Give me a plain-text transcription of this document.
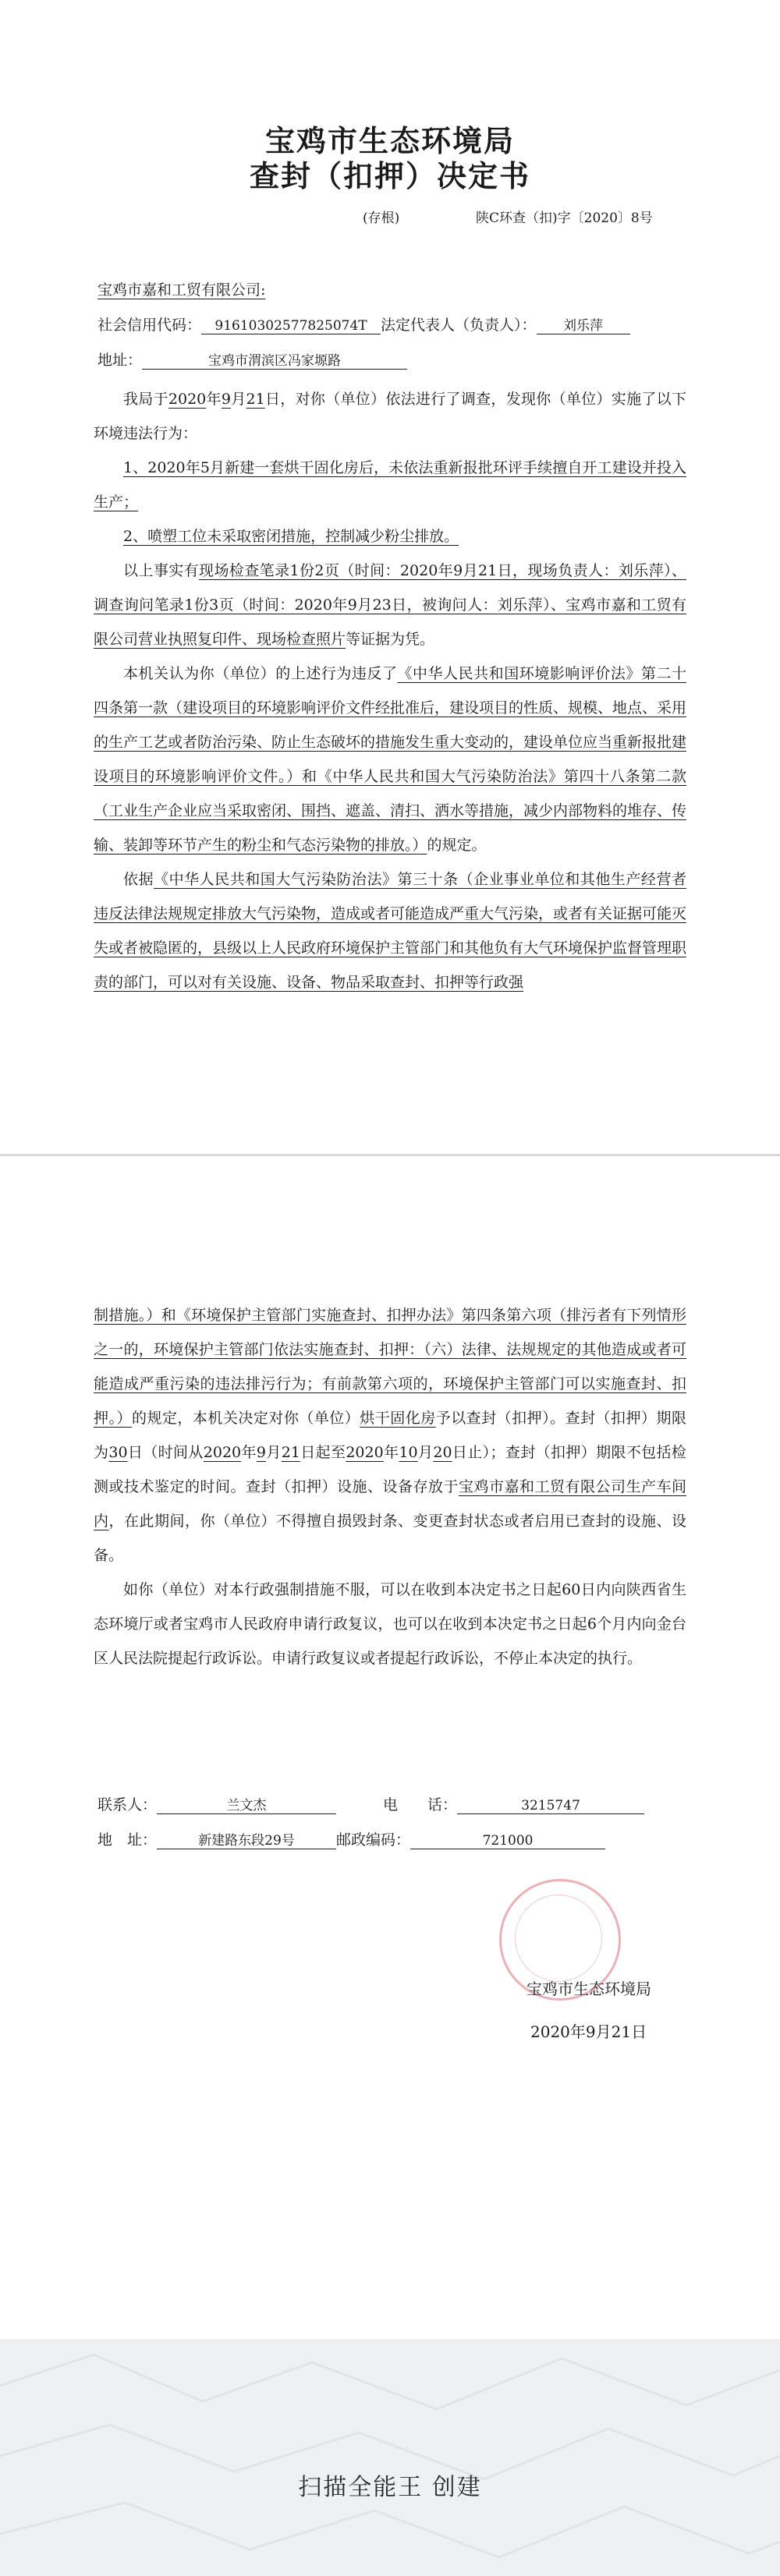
宝鸡市生态环境局
查封（扣押）决定书
(存根)	陕C环查（扣)字〔2020〕8号
宝鸡市嘉和工贸有限公司:
社会信用代码： 91610302577825074T 法定代表人（负责人）： 刘乐萍
地址：	宝鸡市渭滨区冯家塬路

我局于2020年9月21日，对你（单位）依法进行了调查，发现你（单位）实施了以下环境违法行为：

1、2020年5月新建一套烘干固化房后，未依法重新报批环评手续擅自开工建设并投入生产；

2、喷塑工位未采取密闭措施，控制减少粉尘排放。

以上事实有现场检查笔录1份2页（时间：2020年9月21日，现场负责人：刘乐萍）、调查询问笔录1份3页（时间：2020年9月23日，被询问人：刘乐萍）、宝鸡市嘉和工贸有限公司营业执照复印件、现场检查照片等证据为凭。

本机关认为你（单位）的上述行为违反了《中华人民共和国环境影响评价法》第二十四条第一款（建设项目的环境影响评价文件经批准后，建设项目的性质、规模、地点、采用的生产工艺或者防治污染、防止生态破坏的措施发生重大变动的，建设单位应当重新报批建设项目的环境影响评价文件。）和《中华人民共和国大气污染防治法》第四十八条第二款（工业生产企业应当采取密闭、围挡、遮盖、清扫、洒水等措施，减少内部物料的堆存、传输、装卸等环节产生的粉尘和气态污染物的排放。）的规定。

依据《中华人民共和国大气污染防治法》第三十条（企业事业单位和其他生产经营者违反法律法规规定排放大气污染物，造成或者可能造成严重大气污染，或者有关证据可能灭失或者被隐匿的，县级以上人民政府环境保护主管部门和其他负有大气环境保护监督管理职责的部门，可以对有关设施、设备、物品采取查封、扣押等行政强

制措施。）和《环境保护主管部门实施查封、扣押办法》第四条第六项（排污者有下列情形之一的，环境保护主管部门依法实施查封、扣押：（六）法律、法规规定的其他造成或者可能造成严重污染的违法排污行为；有前款第六项的，环境保护主管部门可以实施查封、扣押。）的规定，本机关决定对你（单位）烘干固化房予以查封（扣押）。查封（扣押）期限为30日（时间从2020年9月21日起至2020年10月20日止）；查封（扣押）期限不包括检测或技术鉴定的时间。查封（扣押）设施、设备存放于宝鸡市嘉和工贸有限公司生产车间内，在此期间，你（单位）不得擅自损毁封条、变更查封状态或者启用已查封的设施、设备。

如你（单位）对本行政强制措施不服，可以在收到本决定书之日起60日内向陕西省生态环境厅或者宝鸡市人民政府申请行政复议，也可以在收到本决定书之日起6个月内向金台区人民法院提起行政诉讼。申请行政复议或者提起行政诉讼，不停止本决定的执行。

联系人：	兰文杰	电　　话：	3215747
地　址：	新建路东段29号	邮政编码：	721000
宝鸡市生态环境局
2020年9月21日
扫描全能王 创建
